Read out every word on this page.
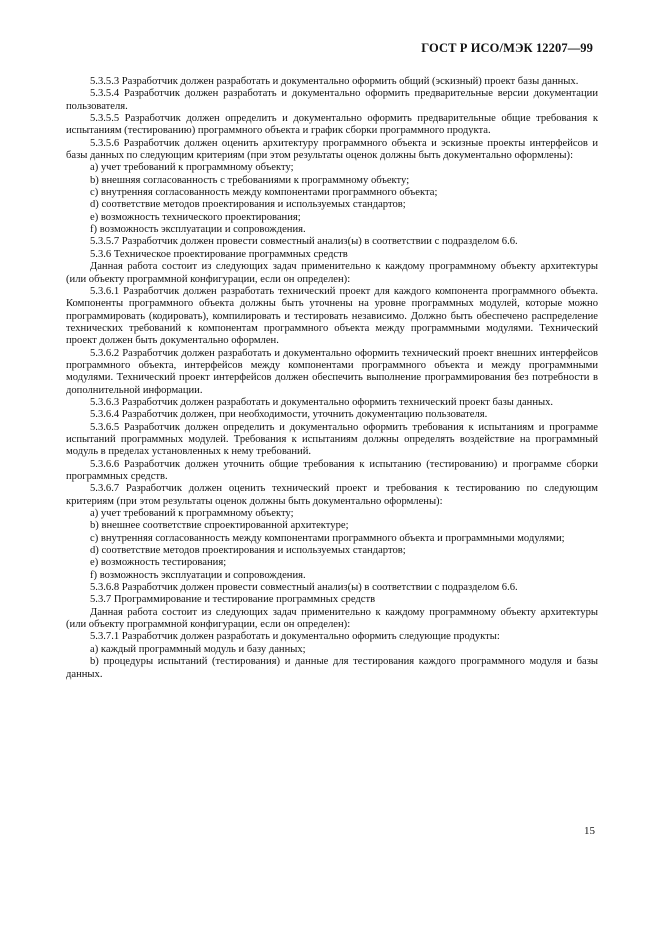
ГОСТ Р ИСО/МЭК 12207—99

5.3.5.3 Разработчик должен разработать и документально оформить общий (эскизный) проект базы данных.

5.3.5.4 Разработчик должен разработать и документально оформить предварительные версии документации пользователя.

5.3.5.5 Разработчик должен определить и документально оформить предварительные общие требования к испытаниям (тестированию) программного объекта и график сборки программного продукта.

5.3.5.6 Разработчик должен оценить архитектуру программного объекта и эскизные проекты интерфейсов и базы данных по следующим критериям (при этом результаты оценок должны быть документально оформлены):

а) учет требований к программному объекту;

b) внешняя согласованность с требованиями к программному объекту;

c) внутренняя согласованность между компонентами программного объекта;

d) соответствие методов проектирования и используемых стандартов;

e) возможность технического проектирования;

f) возможность эксплуатации и сопровождения.

5.3.5.7 Разработчик должен провести совместный анализ(ы) в соответствии с подразделом 6.6.

5.3.6 Техническое проектирование программных средств

Данная работа состоит из следующих задач применительно к каждому программному объекту архитектуры (или объекту программной конфигурации, если он определен):

5.3.6.1 Разработчик должен разработать технический проект для каждого компонента программного объекта. Компоненты программного объекта должны быть уточнены на уровне программных модулей, которые можно программировать (кодировать), компилировать и тестировать независимо. Должно быть обеспечено распределение технических требований к компонентам программного объекта между программными модулями. Технический проект должен быть документально оформлен.

5.3.6.2 Разработчик должен разработать и документально оформить технический проект внешних интерфейсов программного объекта, интерфейсов между компонентами программного объекта и между программными модулями. Технический проект интерфейсов должен обеспечить выполнение программирования без потребности в дополнительной информации.

5.3.6.3 Разработчик должен разработать и документально оформить технический проект базы данных.

5.3.6.4 Разработчик должен, при необходимости, уточнить документацию пользователя.

5.3.6.5 Разработчик должен определить и документально оформить требования к испытаниям и программе испытаний программных модулей. Требования к испытаниям должны определять воздействие на программный модуль в пределах установленных к нему требований.

5.3.6.6 Разработчик должен уточнить общие требования к испытанию (тестированию) и программе сборки программных средств.

5.3.6.7 Разработчик должен оценить технический проект и требования к тестированию по следующим критериям (при этом результаты оценок должны быть документально оформлены):

а) учет требований к программному объекту;

b) внешнее соответствие спроектированной архитектуре;

c) внутренняя согласованность между компонентами программного объекта и программными модулями;

d) соответствие методов проектирования и используемых стандартов;

e) возможность тестирования;

f) возможность эксплуатации и сопровождения.

5.3.6.8 Разработчик должен провести совместный анализ(ы) в соответствии с подразделом 6.6.

5.3.7 Программирование и тестирование программных средств

Данная работа состоит из следующих задач применительно к каждому программному объекту архитектуры (или объекту программной конфигурации, если он определен):

5.3.7.1 Разработчик должен разработать и документально оформить следующие продукты:

а) каждый программный модуль и базу данных;

b) процедуры испытаний (тестирования) и данные для тестирования каждого программного модуля и базы данных.

15
